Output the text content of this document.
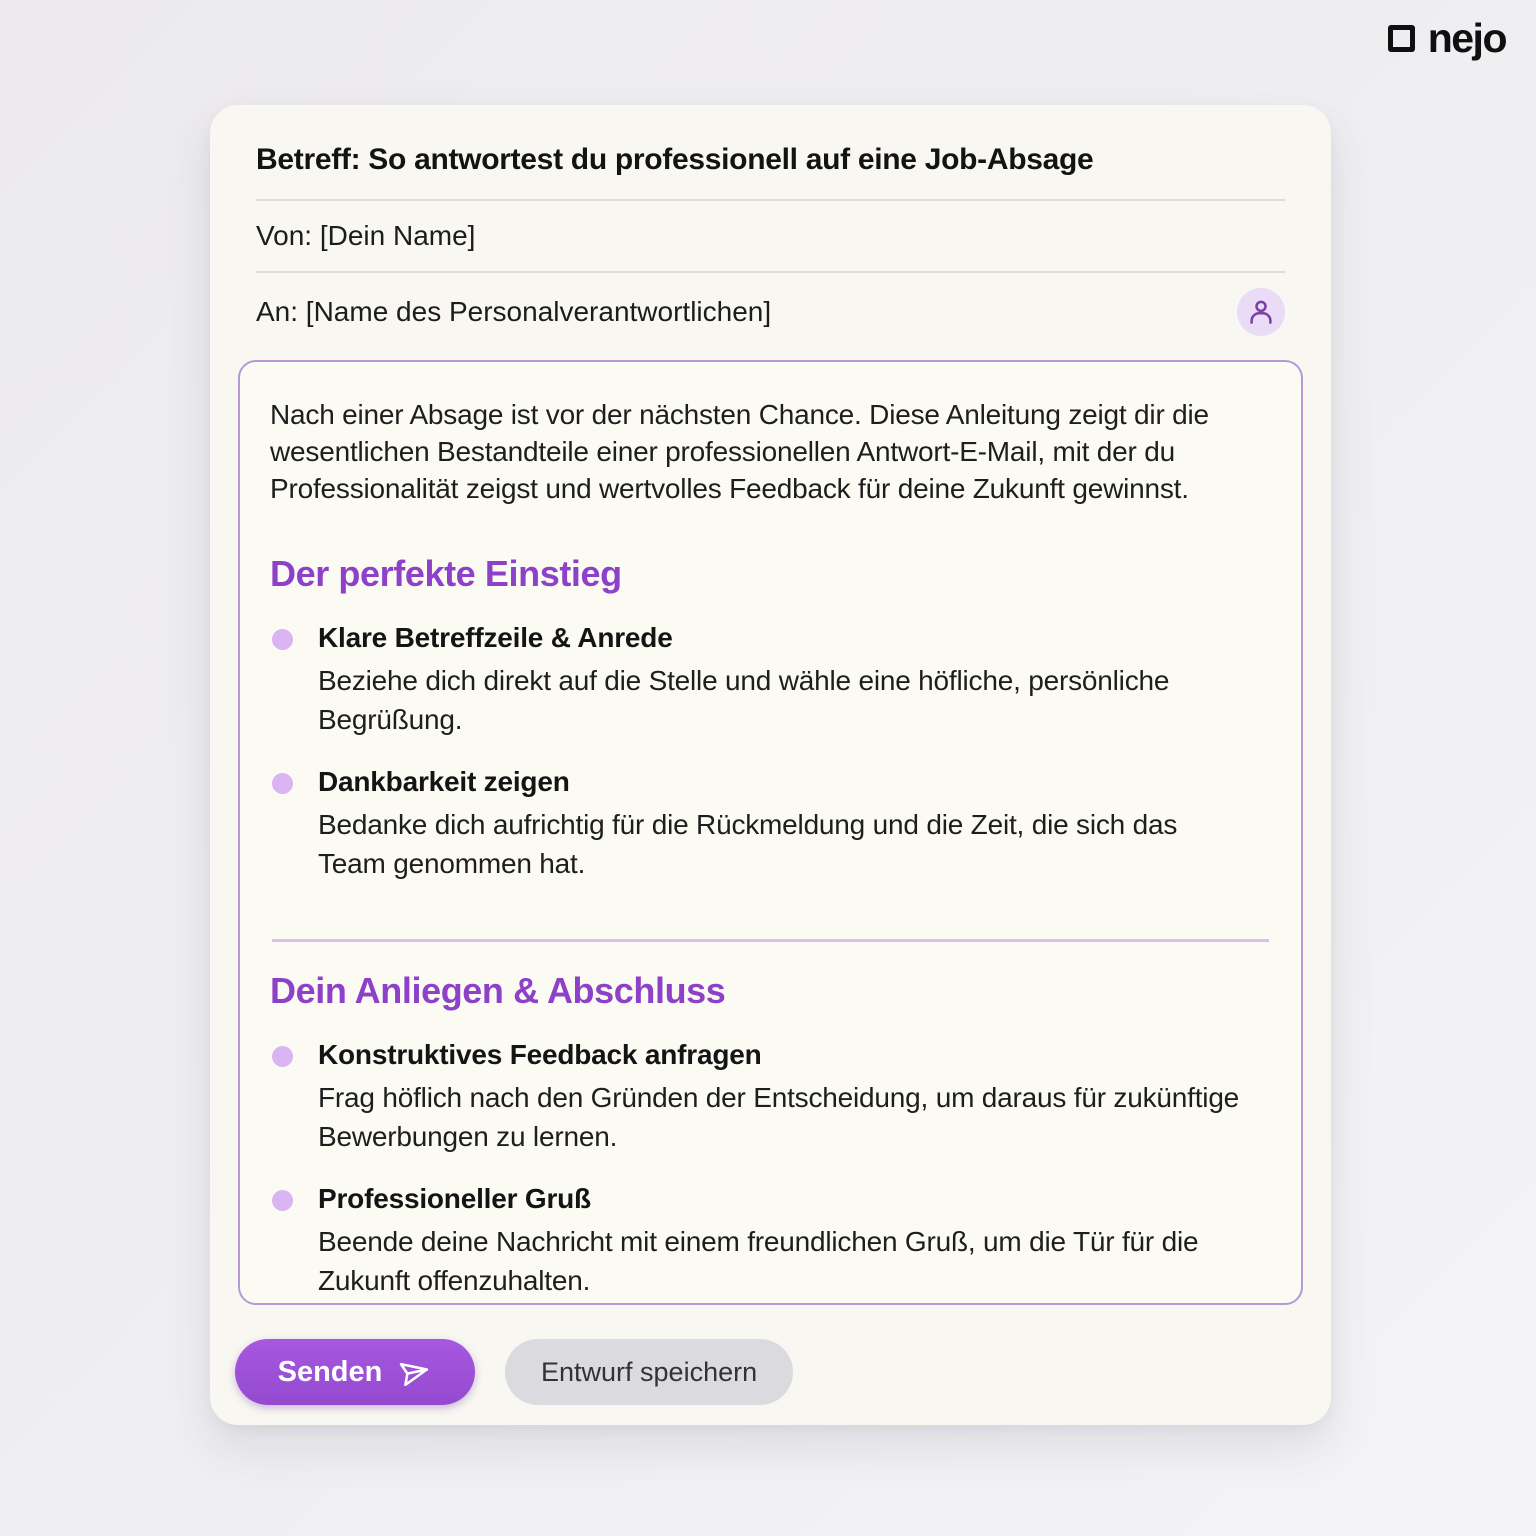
nejo
Betreff: So antwortest du professionell auf eine Job-Absage
Von: [Dein Name]
An: [Name des Personalverantwortlichen]

Nach einer Absage ist vor der nächsten Chance. Diese Anleitung zeigt dir die wesentlichen Bestandteile einer professionellen Antwort-E-Mail, mit der du Professionalität zeigst und wertvolles Feedback für deine Zukunft gewinnst.

Der perfekte Einstieg
Klare Betreffzeile & Anrede
Beziehe dich direkt auf die Stelle und wähle eine höfliche, persönliche Begrüßung.
Dankbarkeit zeigen
Bedanke dich aufrichtig für die Rückmeldung und die Zeit, die sich das Team genommen hat.
Dein Anliegen & Abschluss
Konstruktives Feedback anfragen
Frag höflich nach den Gründen der Entscheidung, um daraus für zukünftige Bewerbungen zu lernen.
Professioneller Gruß
Beende deine Nachricht mit einem freundlichen Gruß, um die Tür für die Zukunft offenzuhalten.
Senden	Entwurf speichern
